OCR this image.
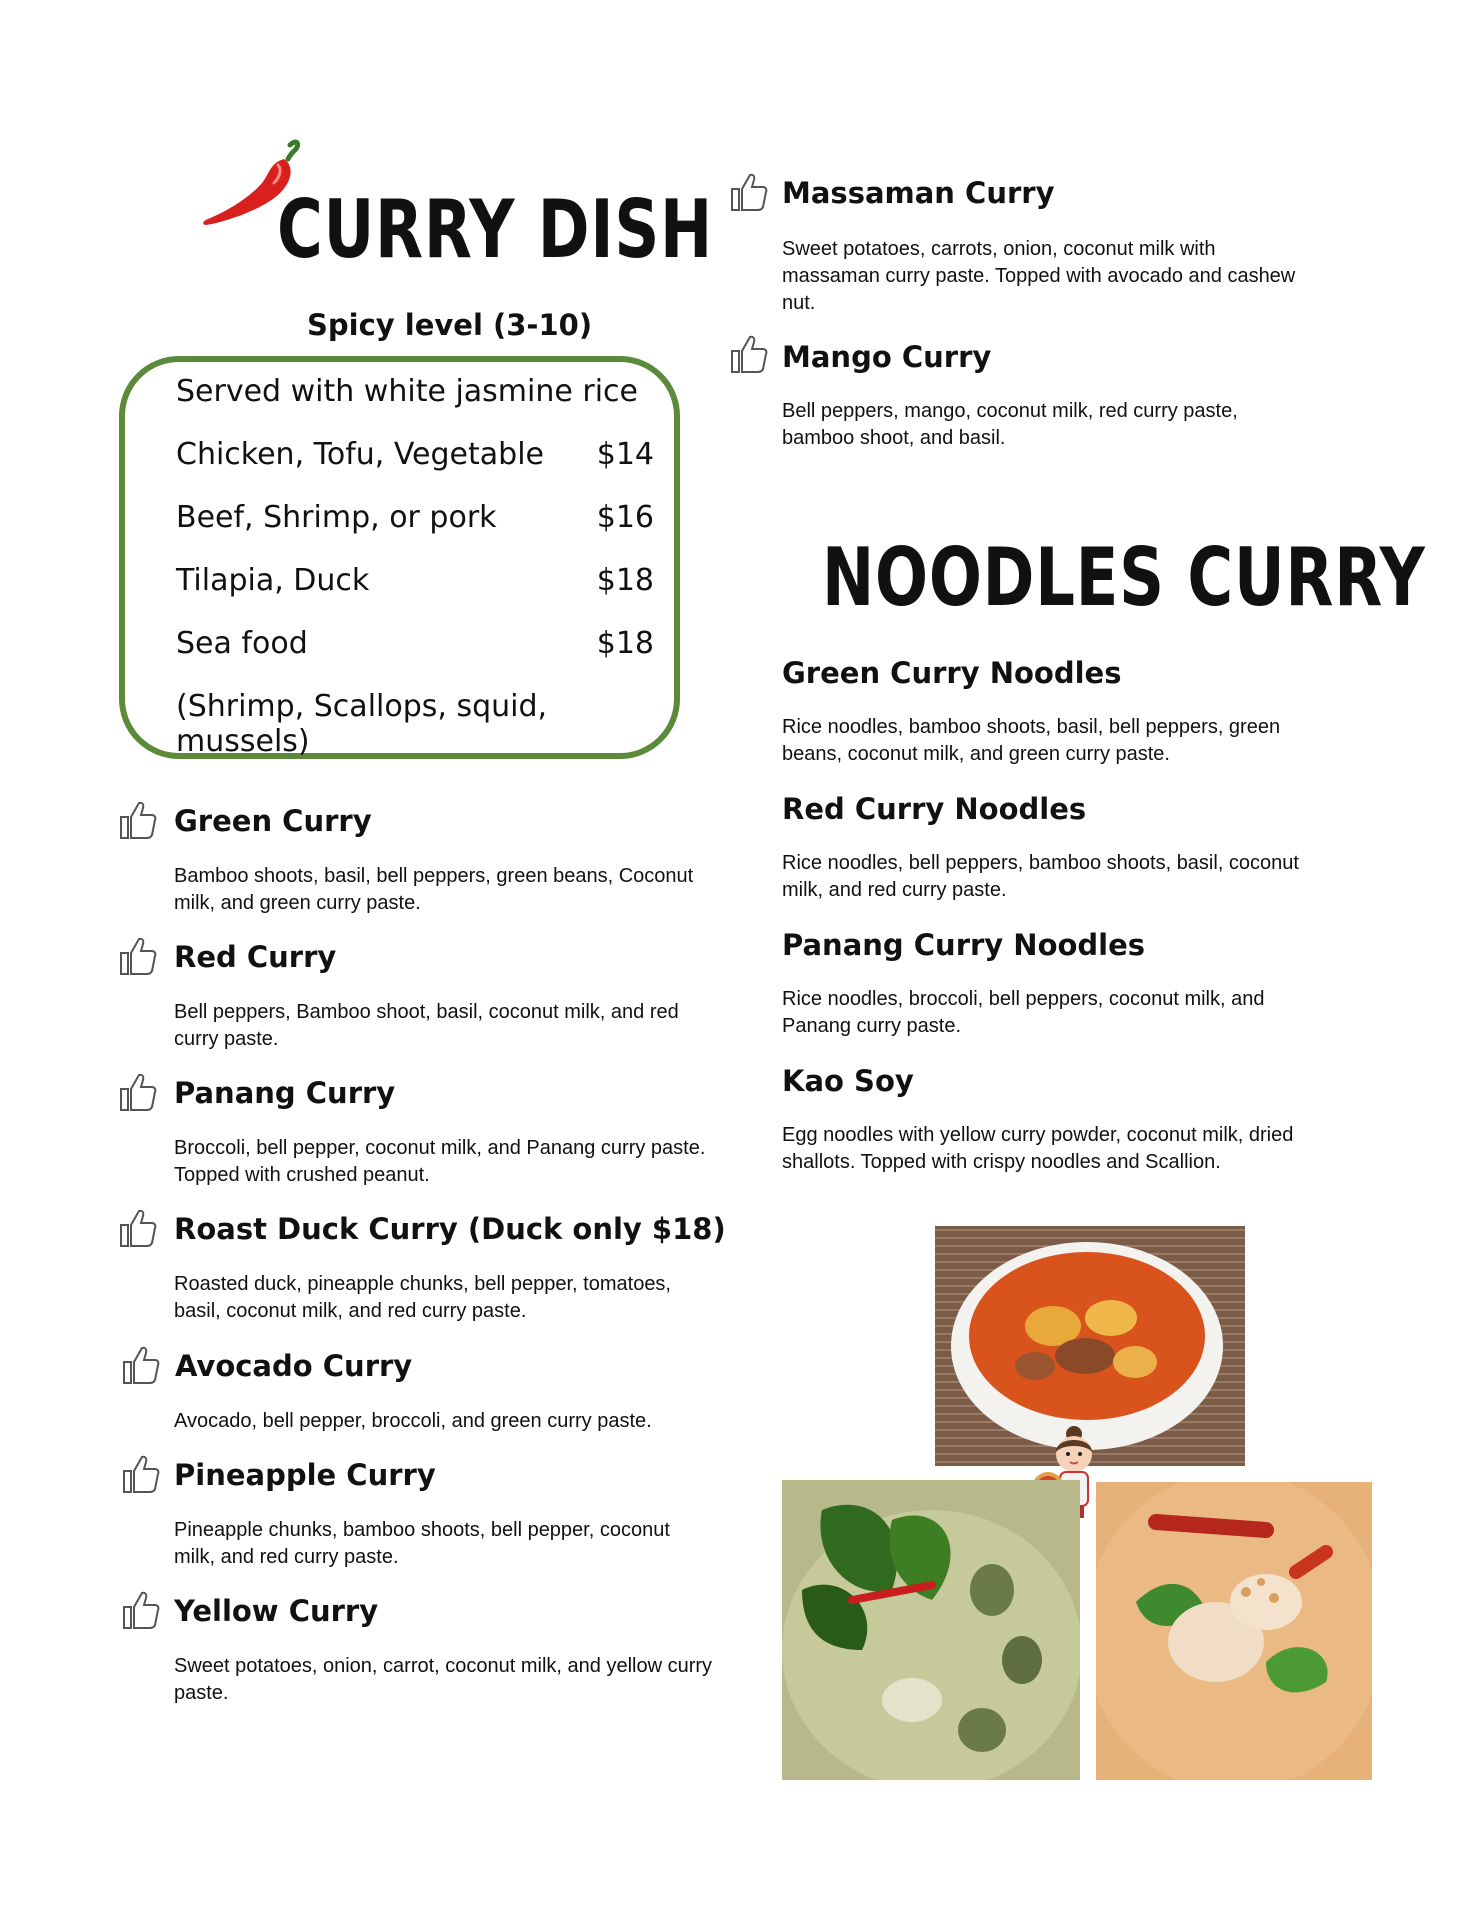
CURRY DISH
Spicy level (3-10)
Served with white jasmine rice
Chicken, Tofu, Vegetable $14
Beef, Shrimp, or pork	$16
Tilapia, Duck	$18
Sea food	$18
(Shrimp, Scallops, squid, mussels)
Green Curry
Bamboo shoots, basil, bell peppers, green beans, Coconut milk, and green curry paste.
Red Curry
Bell peppers, Bamboo shoot, basil, coconut milk, and red curry paste.
Panang Curry
Broccoli, bell pepper, coconut milk, and Panang curry paste. Topped with crushed peanut.
Roast Duck Curry (Duck only $18)
Roasted duck, pineapple chunks, bell pepper, tomatoes, basil, coconut milk, and red curry paste.
Avocado Curry
Avocado, bell pepper, broccoli, and green curry paste.
Pineapple Curry
Pineapple chunks, bamboo shoots, bell pepper, coconut milk, and red curry paste.
Yellow Curry
Sweet potatoes, onion, carrot, coconut milk, and yellow curry paste.
Massaman Curry
Sweet potatoes, carrots, onion, coconut milk with massaman curry paste. Topped with avocado and cashew nut.
Mango Curry
Bell peppers, mango, coconut milk, red curry paste, bamboo shoot, and basil.
NOODLES CURRY
Green Curry Noodles
Rice noodles, bamboo shoots, basil, bell peppers, green beans, coconut milk, and green curry paste.
Red Curry Noodles
Rice noodles, bell peppers, bamboo shoots, basil, coconut milk, and red curry paste.
Panang Curry Noodles
Rice noodles, broccoli, bell peppers, coconut milk, and Panang curry paste.
Kao Soy
Egg noodles with yellow curry powder, coconut milk, dried shallots. Topped with crispy noodles and Scallion.
